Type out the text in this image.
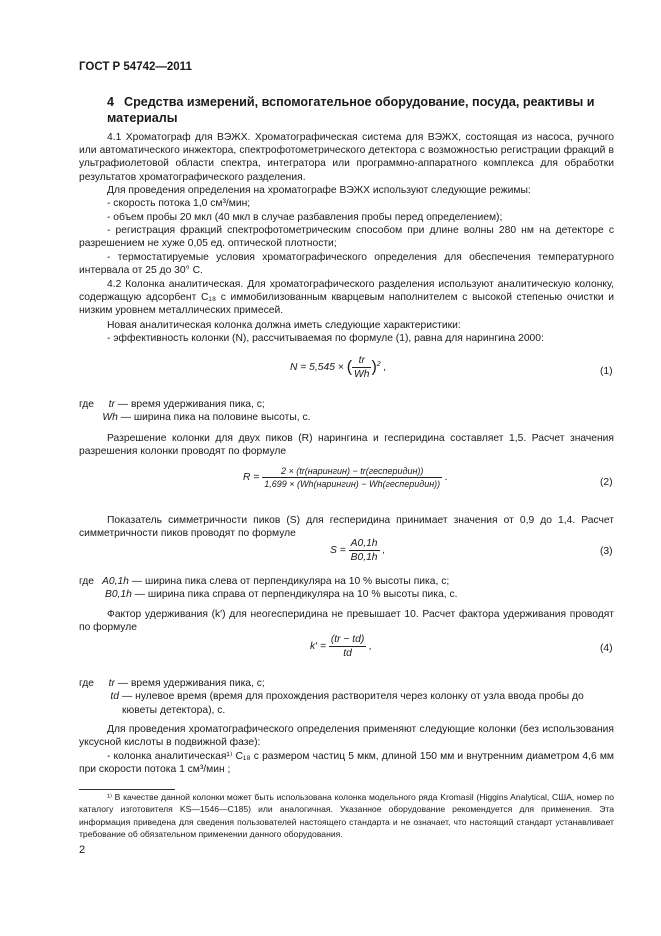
ГОСТ Р 54742—2011
4 Средства измерений, вспомогательное оборудование, посуда, реактивы и материалы
4.1 Хроматограф для ВЭЖХ. Хроматографическая система для ВЭЖХ, состоящая из насоса, ручного или автоматического инжектора, спектрофотометрического детектора с возможностью регистрации фракций в ультрафиолетовой области спектра, интегратора или программно-аппаратного комплекса для обработки результатов хроматографического разделения.
Для проведения определения на хроматографе ВЭЖХ используют следующие режимы:
- скорость потока 1,0 см³/мин;
- объем пробы 20 мкл (40 мкл в случае разбавления пробы перед определением);
- регистрация фракций спектрофотометрическим способом при длине волны 280 нм на детекторе с разрешением не хуже 0,05 ед. оптической плотности;
- термостатируемые условия хроматографического определения для обеспечения температурного интервала от 25 до 30° C.
4.2 Колонка аналитическая. Для хроматографического разделения используют аналитическую колонку, содержащую адсорбент C₁₈ с иммобилизованным кварцевым наполнителем с высокой степенью очистки и низким уровнем металлических примесей.
Новая аналитическая колонка должна иметь следующие характеристики:
- эффективность колонки (N), рассчитываемая по формуле (1), равна для нарингина 2000:
N = 5,545 × ( $\frac{tr}{Wh} )^2$ ,	(1)
где tr — время удерживания пика, с;
Wh — ширина пика на половине высоты, с.
Разрешение колонки для двух пиков (R) нарингина и гесперидина составляет 1,5. Расчет значения разрешения колонки проводят по формуле
$R = \frac{\text{2 × (tr(нарингин) − tr(гесперидин))}}{\text{1,699 × (Wh(нарингин) − Wh(гесперидин))}}$ .	(2)
Показатель симметричности пиков (S) для гесперидина принимает значения от 0,9 до 1,4. Расчет симметричности пиков проводят по формуле
$S = \frac{A0,1h}{B0,1h}$ ,	(3)
где A0,1h — ширина пика слева от перпендикуляра на 10 % высоты пика, с;
B0,1h — ширина пика справа от перпендикуляра на 10 % высоты пика, с.
Фактор удерживания (k′) для неогесперидина не превышает 10. Расчет фактора удерживания проводят по формуле
$k' = \frac{(tr - td)}{td}$ ,	(4)
где tr — время удерживания пика, с;
td — нулевое время (время для прохождения растворителя через колонку от узла ввода пробы до кюветы детектора), с.
Для проведения хроматографического определения применяют следующие колонки (без использования уксусной кислоты в подвижной фазе):
- колонка аналитическая¹⁾ C₁₈ с размером частиц 5 мкм, длиной 150 мм и внутренним диаметром 4,6 мм при скорости потока 1 см³/мин ;
¹⁾ В качестве данной колонки может быть использована колонка модельного ряда Kromasil (Higgins Analytical, США, номер по каталогу изготовителя KS—1546—C185) или аналогичная. Указанное оборудование рекомендуется для применения. Эта информация приведена для сведения пользователей настоящего стандарта и не означает, что настоящий стандарт устанавливает требование об обязательном применении данного оборудования.
2
